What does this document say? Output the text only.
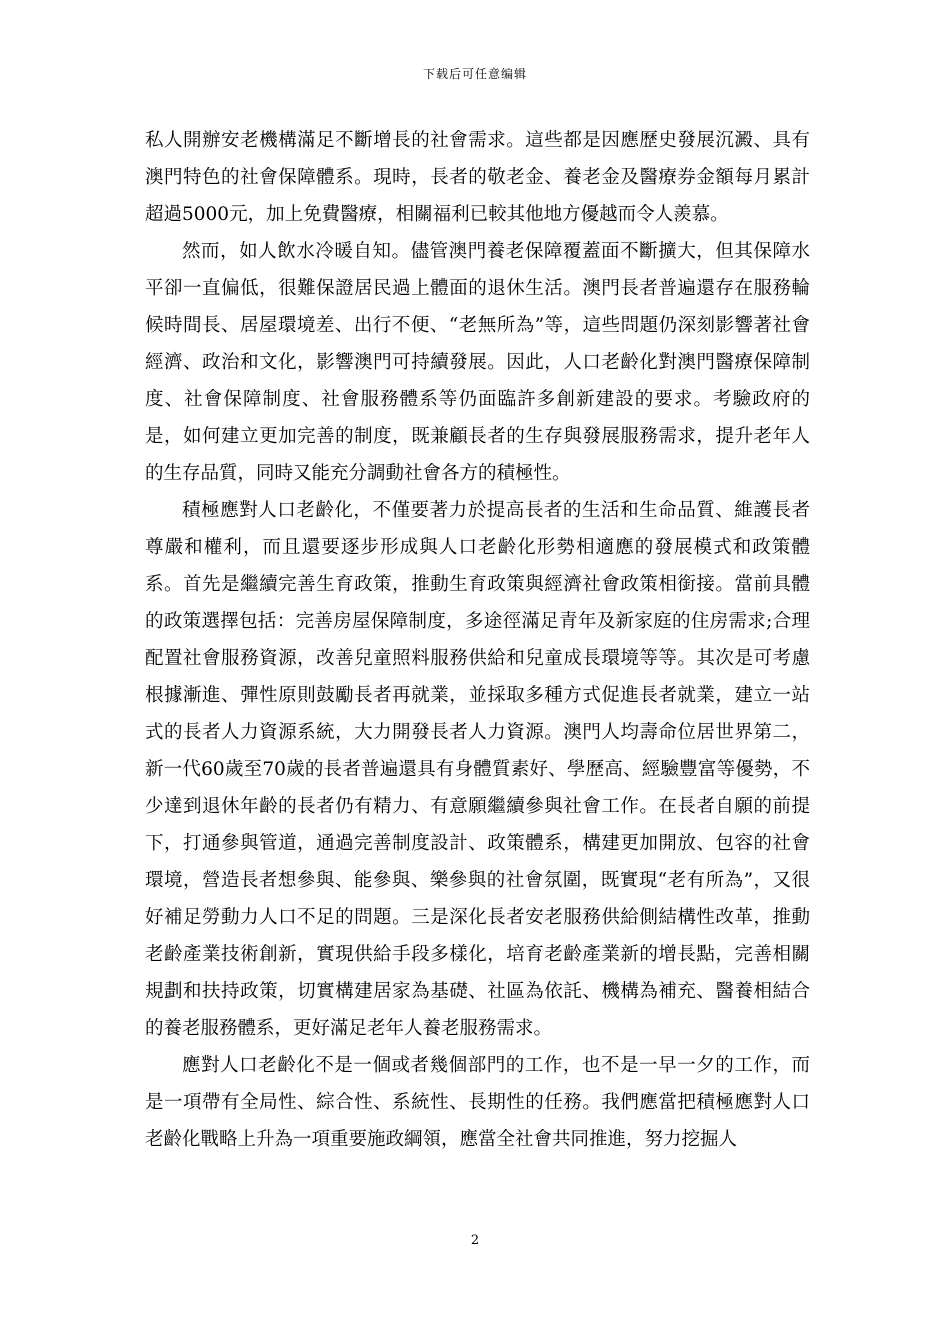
下载后可任意编辑

私人開辦安老機構滿足不斷增長的社會需求。這些都是因應歷史發展沉澱、具有澳門特色的社會保障體系。現時，長者的敬老金、養老金及醫療券金額每月累計超過5000元，加上免費醫療，相關福利已較其他地方優越而令人羨慕。

然而，如人飲水冷暖自知。儘管澳門養老保障覆蓋面不斷擴大，但其保障水平卻一直偏低，很難保證居民過上體面的退休生活。澳門長者普遍還存在服務輪候時間長、居屋環境差、出行不便、“老無所為”等，這些問題仍深刻影響著社會經濟、政治和文化，影響澳門可持續發展。因此，人口老齡化對澳門醫療保障制度、社會保障制度、社會服務體系等仍面臨許多創新建設的要求。考驗政府的是，如何建立更加完善的制度，既兼顧長者的生存與發展服務需求，提升老年人的生存品質，同時又能充分調動社會各方的積極性。

積極應對人口老齡化，不僅要著力於提高長者的生活和生命品質、維護長者尊嚴和權利，而且還要逐步形成與人口老齡化形勢相適應的發展模式和政策體系。首先是繼續完善生育政策，推動生育政策與經濟社會政策相銜接。當前具體的政策選擇包括：完善房屋保障制度，多途徑滿足青年及新家庭的住房需求;合理配置社會服務資源，改善兒童照料服務供給和兒童成長環境等等。其次是可考慮根據漸進、彈性原則鼓勵長者再就業，並採取多種方式促進長者就業，建立一站式的長者人力資源系統，大力開發長者人力資源。澳門人均壽命位居世界第二，新一代60歲至70歲的長者普遍還具有身體質素好、學歷高、經驗豐富等優勢，不少達到退休年齡的長者仍有精力、有意願繼續參與社會工作。在長者自願的前提下，打通參與管道，通過完善制度設計、政策體系，構建更加開放、包容的社會環境，營造長者想參與、能參與、樂參與的社會氛圍，既實現“老有所為”，又很好補足勞動力人口不足的問題。三是深化長者安老服務供給側結構性改革，推動老齡產業技術創新，實現供給手段多樣化，培育老齡產業新的增長點，完善相關規劃和扶持政策，切實構建居家為基礎、社區為依託、機構為補充、醫養相結合的養老服務體系，更好滿足老年人養老服務需求。

應對人口老齡化不是一個或者幾個部門的工作，也不是一早一夕的工作，而是一項帶有全局性、綜合性、系統性、長期性的任務。我們應當把積極應對人口老齡化戰略上升為一項重要施政綱領，應當全社會共同推進，努力挖掘人

2
